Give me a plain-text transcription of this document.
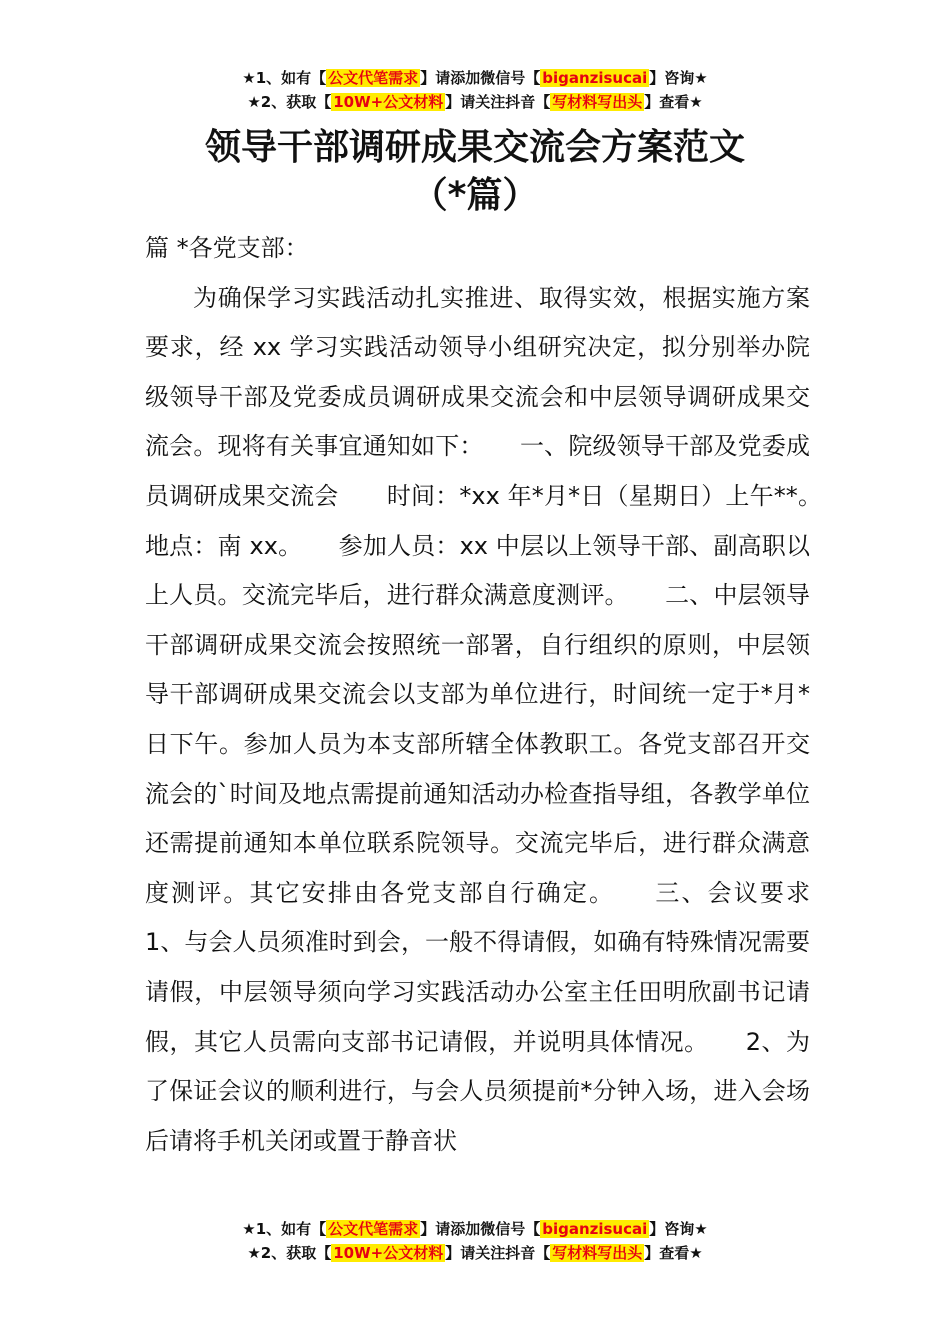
★1、如有【 公文代笔需求 】请添加微信号【 biganzisucai 】咨询★
★2、获取【 10W+公文材料 】请关注抖音【 写材料写出头 】查看★
领导干部调研成果交流会方案范文
（*篇）

篇 *各党支部：

为确保学习实践活动扎实推进、取得实效，根据实施方案要求，经 xx 学习实践活动领导小组研究决定，拟分别举办院级领导干部及党委成员调研成果交流会和中层领导调研成果交流会。现将有关事宜通知如下：　　一、院级领导干部及党委成员调研成果交流会　　时间：*xx 年*月*日（星期日）上午**。　　地点：南 xx。　　参加人员：xx 中层以上领导干部、副高职以上人员。交流完毕后，进行群众满意度测评。　　二、中层领导干部调研成果交流会按照统一部署，自行组织的原则，中层领导干部调研成果交流会以支部为单位进行，时间统一定于*月*日下午。参加人员为本支部所辖全体教职工。各党支部召开交流会的`时间及地点需提前通知活动办检查指导组，各教学单位还需提前通知本单位联系院领导。交流完毕后，进行群众满意度测评。其它安排由各党支部自行确定。　　三、会议要求　　1、与会人员须准时到会，一般不得请假，如确有特殊情况需要请假，中层领导须向学习实践活动办公室主任田明欣副书记请假，其它人员需向支部书记请假，并说明具体情况。　　2、为了保证会议的顺利进行，与会人员须提前*分钟入场，进入会场后请将手机关闭或置于静音状

★1、如有【 公文代笔需求 】请添加微信号【 biganzisucai 】咨询★
★2、获取【 10W+公文材料 】请关注抖音【 写材料写出头 】查看★
